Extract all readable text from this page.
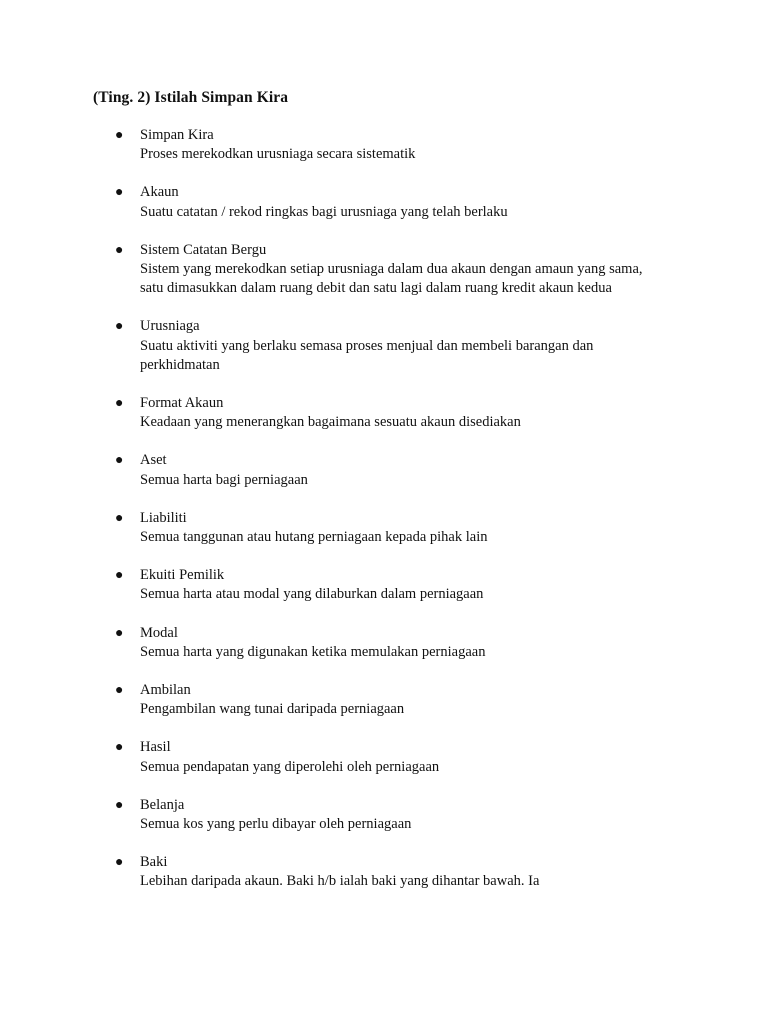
(Ting. 2) Istilah Simpan Kira
● Simpan Kira
Proses merekodkan urusniaga secara sistematik
● Akaun
Suatu catatan / rekod ringkas bagi urusniaga yang telah berlaku
● Sistem Catatan Bergu
Sistem yang merekodkan setiap urusniaga dalam dua akaun dengan amaun yang sama, satu dimasukkan dalam ruang debit dan satu lagi dalam ruang kredit akaun kedua
● Urusniaga
Suatu aktiviti yang berlaku semasa proses menjual dan membeli barangan dan perkhidmatan
● Format Akaun
Keadaan yang menerangkan bagaimana sesuatu akaun disediakan
● Aset
Semua harta bagi perniagaan
● Liabiliti
Semua tanggunan atau hutang perniagaan kepada pihak lain
● Ekuiti Pemilik
Semua harta atau modal yang dilaburkan dalam perniagaan
● Modal
Semua harta yang digunakan ketika memulakan perniagaan
● Ambilan
Pengambilan wang tunai daripada perniagaan
● Hasil
Semua pendapatan yang diperolehi oleh perniagaan
● Belanja
Semua kos yang perlu dibayar oleh perniagaan
● Baki
Lebihan daripada akaun. Baki h/b ialah baki yang dihantar bawah. Ia
